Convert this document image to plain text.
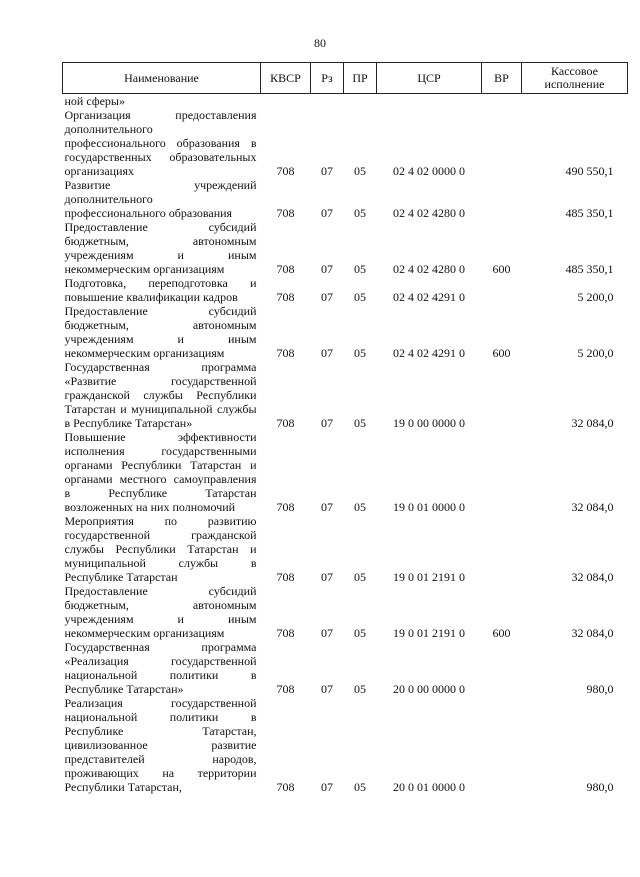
80
Наименование	КВСР	Рз	ПР	ЦСР	ВР	Кассовое исполнение
ной сферы»						
Организация предоставления дополнительного профессионального образования в государственных образовательных организациях	708	07	05	02 4 02 0000 0		490 550,1
Развитие учреждений дополнительного профессионального образования	708	07	05	02 4 02 4280 0		485 350,1
Предоставление субсидий бюджетным, автономным учреждениям и иным некоммерческим организациям	708	07	05	02 4 02 4280 0	600	485 350,1
Подготовка, переподготовка и повышение квалификации кадров	708	07	05	02 4 02 4291 0		5 200,0
Предоставление субсидий бюджетным, автономным учреждениям и иным некоммерческим организациям	708	07	05	02 4 02 4291 0	600	5 200,0
Государственная программа «Развитие государственной гражданской службы Республики Татарстан и муниципальной службы в Республике Татарстан»	708	07	05	19 0 00 0000 0		32 084,0
Повышение эффективности исполнения государственными органами Республики Татарстан и органами местного самоуправления в Республике Татарстан возложенных на них полномочий	708	07	05	19 0 01 0000 0		32 084,0
Мероприятия по развитию государственной гражданской службы Республики Татарстан и муниципальной службы в Республике Татарстан	708	07	05	19 0 01 2191 0		32 084,0
Предоставление субсидий бюджетным, автономным учреждениям и иным некоммерческим организациям	708	07	05	19 0 01 2191 0	600	32 084,0
Государственная программа «Реализация государственной национальной политики в Республике Татарстан»	708	07	05	20 0 00 0000 0		980,0
Реализация государственной национальной политики в Республике Татарстан, цивилизованное развитие представителей народов, проживающих на территории Республики Татарстан,	708	07	05	20 0 01 0000 0		980,0
